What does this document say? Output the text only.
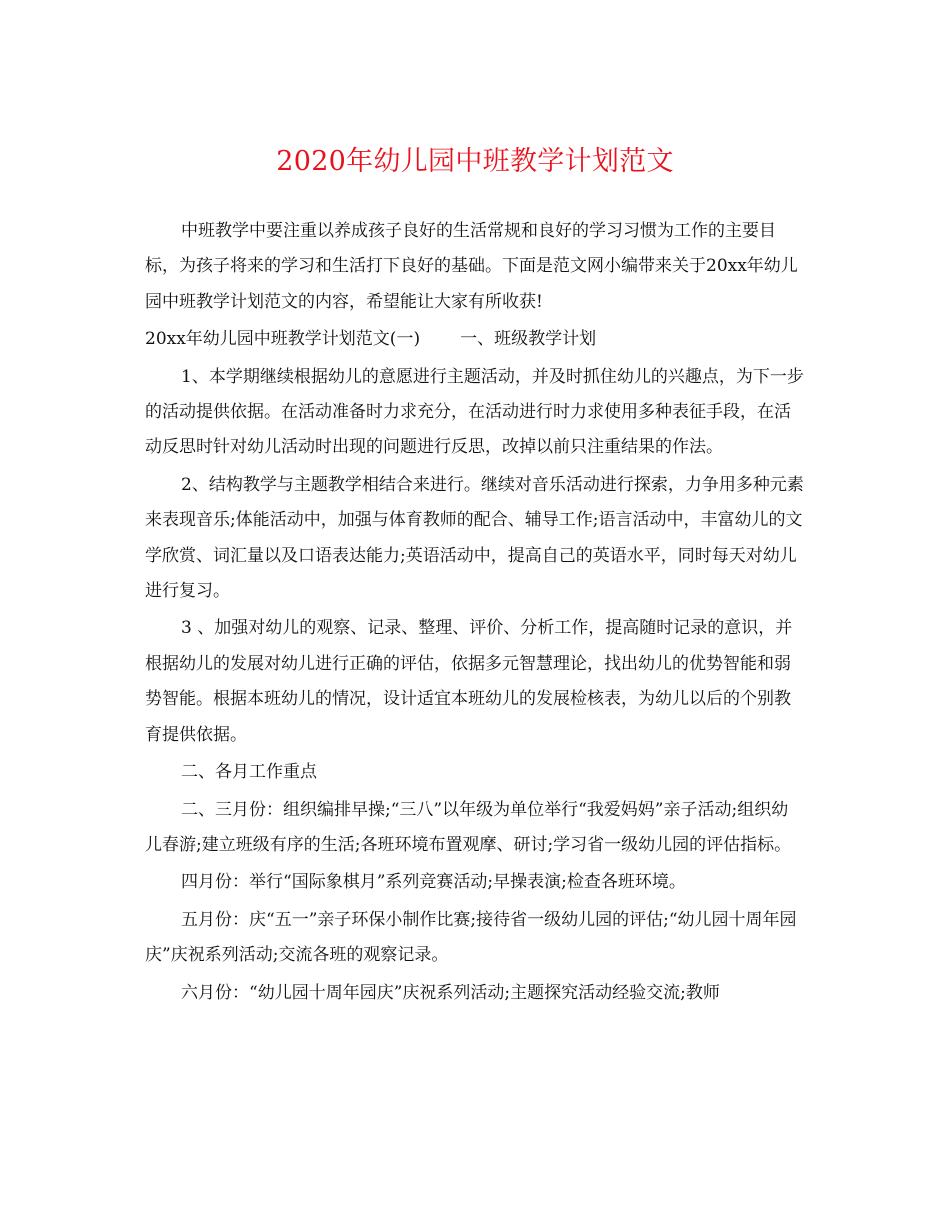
2020年幼儿园中班教学计划范文

中班教学中要注重以养成孩子良好的生活常规和良好的学习习惯为工作的主要目标，为孩子将来的学习和生活打下良好的基础。下面是范文网小编带来关于20xx年幼儿园中班教学计划范文的内容，希望能让大家有所收获!

20xx年幼儿园中班教学计划范文(一) 一、班级教学计划

1、本学期继续根据幼儿的意愿进行主题活动，并及时抓住幼儿的兴趣点，为下一步的活动提供依据。在活动准备时力求充分，在活动进行时力求使用多种表征手段，在活动反思时针对幼儿活动时出现的问题进行反思，改掉以前只注重结果的作法。

2、结构教学与主题教学相结合来进行。继续对音乐活动进行探索，力争用多种元素来表现音乐;体能活动中，加强与体育教师的配合、辅导工作;语言活动中，丰富幼儿的文学欣赏、词汇量以及口语表达能力;英语活动中，提高自己的英语水平，同时每天对幼儿进行复习。

3 、加强对幼儿的观察、记录、整理、评价、分析工作，提高随时记录的意识，并根据幼儿的发展对幼儿进行正确的评估，依据多元智慧理论，找出幼儿的优势智能和弱势智能。根据本班幼儿的情况，设计适宜本班幼儿的发展检核表，为幼儿以后的个别教育提供依据。

二、各月工作重点

二、三月份：组织编排早操;“三八”以年级为单位举行“我爱妈妈”亲子活动;组织幼儿春游;建立班级有序的生活;各班环境布置观摩、研讨;学习省一级幼儿园的评估指标。

四月份：举行“国际象棋月”系列竞赛活动;早操表演;检查各班环境。

五月份：庆“五一”亲子环保小制作比赛;接待省一级幼儿园的评估;“幼儿园十周年园庆”庆祝系列活动;交流各班的观察记录。

六月份：“幼儿园十周年园庆”庆祝系列活动;主题探究活动经验交流;教师
